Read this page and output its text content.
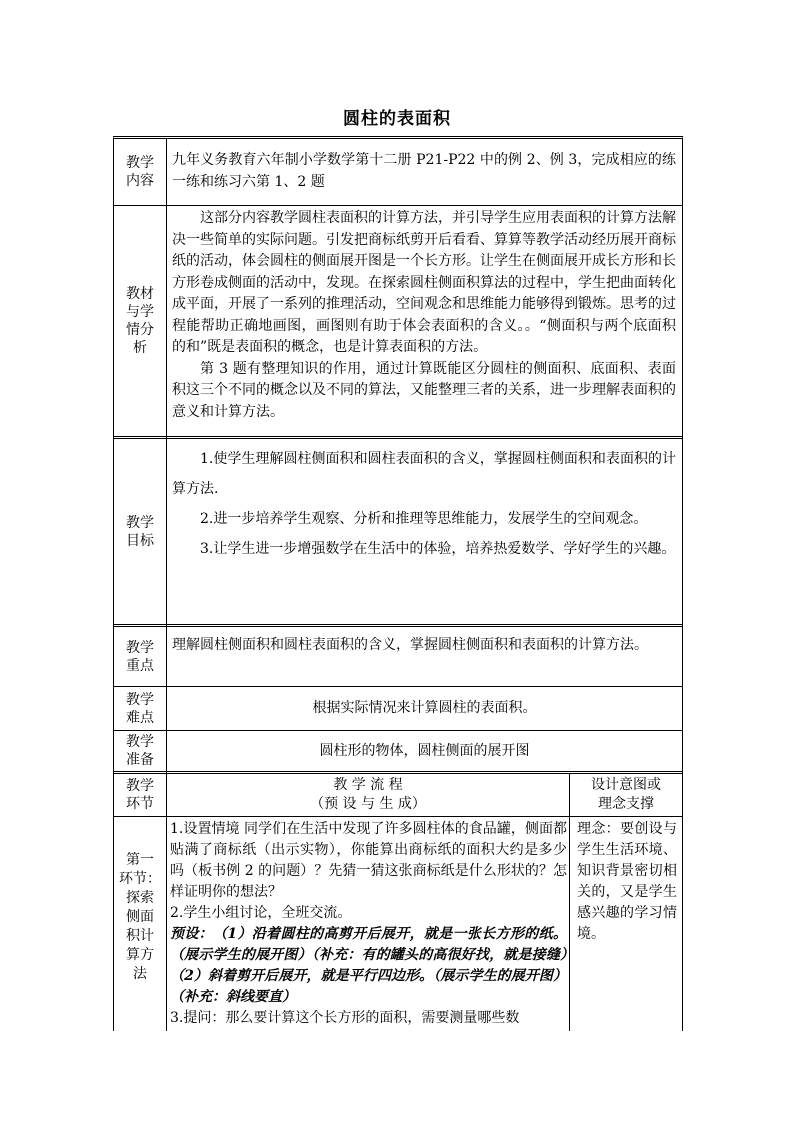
圆柱的表面积
教学
内容
九年义务教育六年制小学数学第十二册 P21-P22 中的例 2、例 3，完成相应的练一练和练习六第 1、2 题
教材
与学
情分
析

这部分内容教学圆柱表面积的计算方法，并引导学生应用表面积的计算方法解决一些简单的实际问题。引发把商标纸剪开后看看、算算等教学活动经历展开商标纸的活动，体会圆柱的侧面展开图是一个长方形。让学生在侧面展开成长方形和长方形卷成侧面的活动中，发现。在探索圆柱侧面积算法的过程中，学生把曲面转化成平面，开展了一系列的推理活动，空间观念和思维能力能够得到锻炼。思考的过程能帮助正确地画图，画图则有助于体会表面积的含义。。“侧面积与两个底面积的和”既是表面积的概念，也是计算表面积的方法。

第 3 题有整理知识的作用，通过计算既能区分圆柱的侧面积、底面积、表面积这三个不同的概念以及不同的算法，又能整理三者的关系，进一步理解表面积的意义和计算方法。

教学
目标

1.使学生理解圆柱侧面积和圆柱表面积的含义，掌握圆柱侧面积和表面积的计算方法.

2.进一步培养学生观察、分析和推理等思维能力，发展学生的空间观念。

3.让学生进一步增强数学在生活中的体验，培养热爱数学、学好学生的兴趣。

教学
重点
理解圆柱侧面积和圆柱表面积的含义，掌握圆柱侧面积和表面积的计算方法。
教学
难点
根据实际情况来计算圆柱的表面积。
教学
准备
圆柱形的物体，圆柱侧面的展开图
教学
环节
教 学 流 程
（预 设 与 生 成）
设计意图或
理念支撑
第一
环节：
探索
侧面
积计
算方
法

1.设置情境 同学们在生活中发现了许多圆柱体的食品罐，侧面都贴满了商标纸（出示实物），你能算出商标纸的面积大约是多少吗（板书例 2 的问题）？先猜一猜这张商标纸是什么形状的？怎样证明你的想法？

2.学生小组讨论，全班交流。

预设：（1）沿着圆柱的高剪开后展开，就是一张长方形的纸。（展示学生的展开图）（补充：有的罐头的高很好找，就是接缝）（2）斜着剪开后展开，就是平行四边形。（展示学生的展开图）（补充：斜线要直）

3.提问：那么要计算这个长方形的面积，需要测量哪些数

理念：要创设与学生生活环境、知识背景密切相关的，又是学生感兴趣的学习情境。
